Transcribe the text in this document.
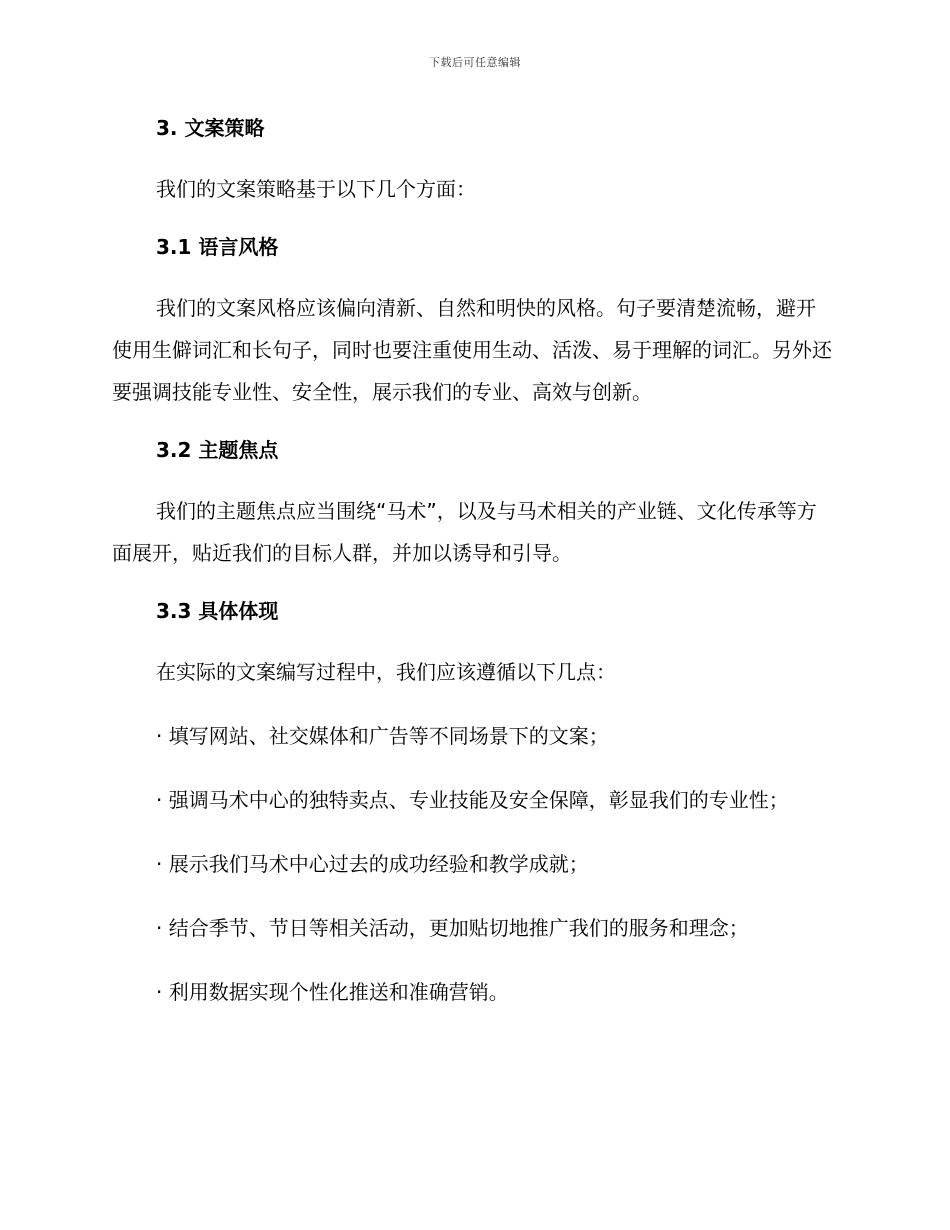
下载后可任意编辑

3. 文案策略

我们的文案策略基于以下几个方面：

3.1 语言风格

我们的文案风格应该偏向清新、自然和明快的风格。句子要清楚流畅，避开使用生僻词汇和长句子，同时也要注重使用生动、活泼、易于理解的词汇。另外还要强调技能专业性、安全性，展示我们的专业、高效与创新。

3.2 主题焦点

我们的主题焦点应当围绕“马术”，以及与马术相关的产业链、文化传承等方面展开，贴近我们的目标人群，并加以诱导和引导。

3.3 具体体现

在实际的文案编写过程中，我们应该遵循以下几点：

· 填写网站、社交媒体和广告等不同场景下的文案；

· 强调马术中心的独特卖点、专业技能及安全保障，彰显我们的专业性；

· 展示我们马术中心过去的成功经验和教学成就；

· 结合季节、节日等相关活动，更加贴切地推广我们的服务和理念；

· 利用数据实现个性化推送和准确营销。
